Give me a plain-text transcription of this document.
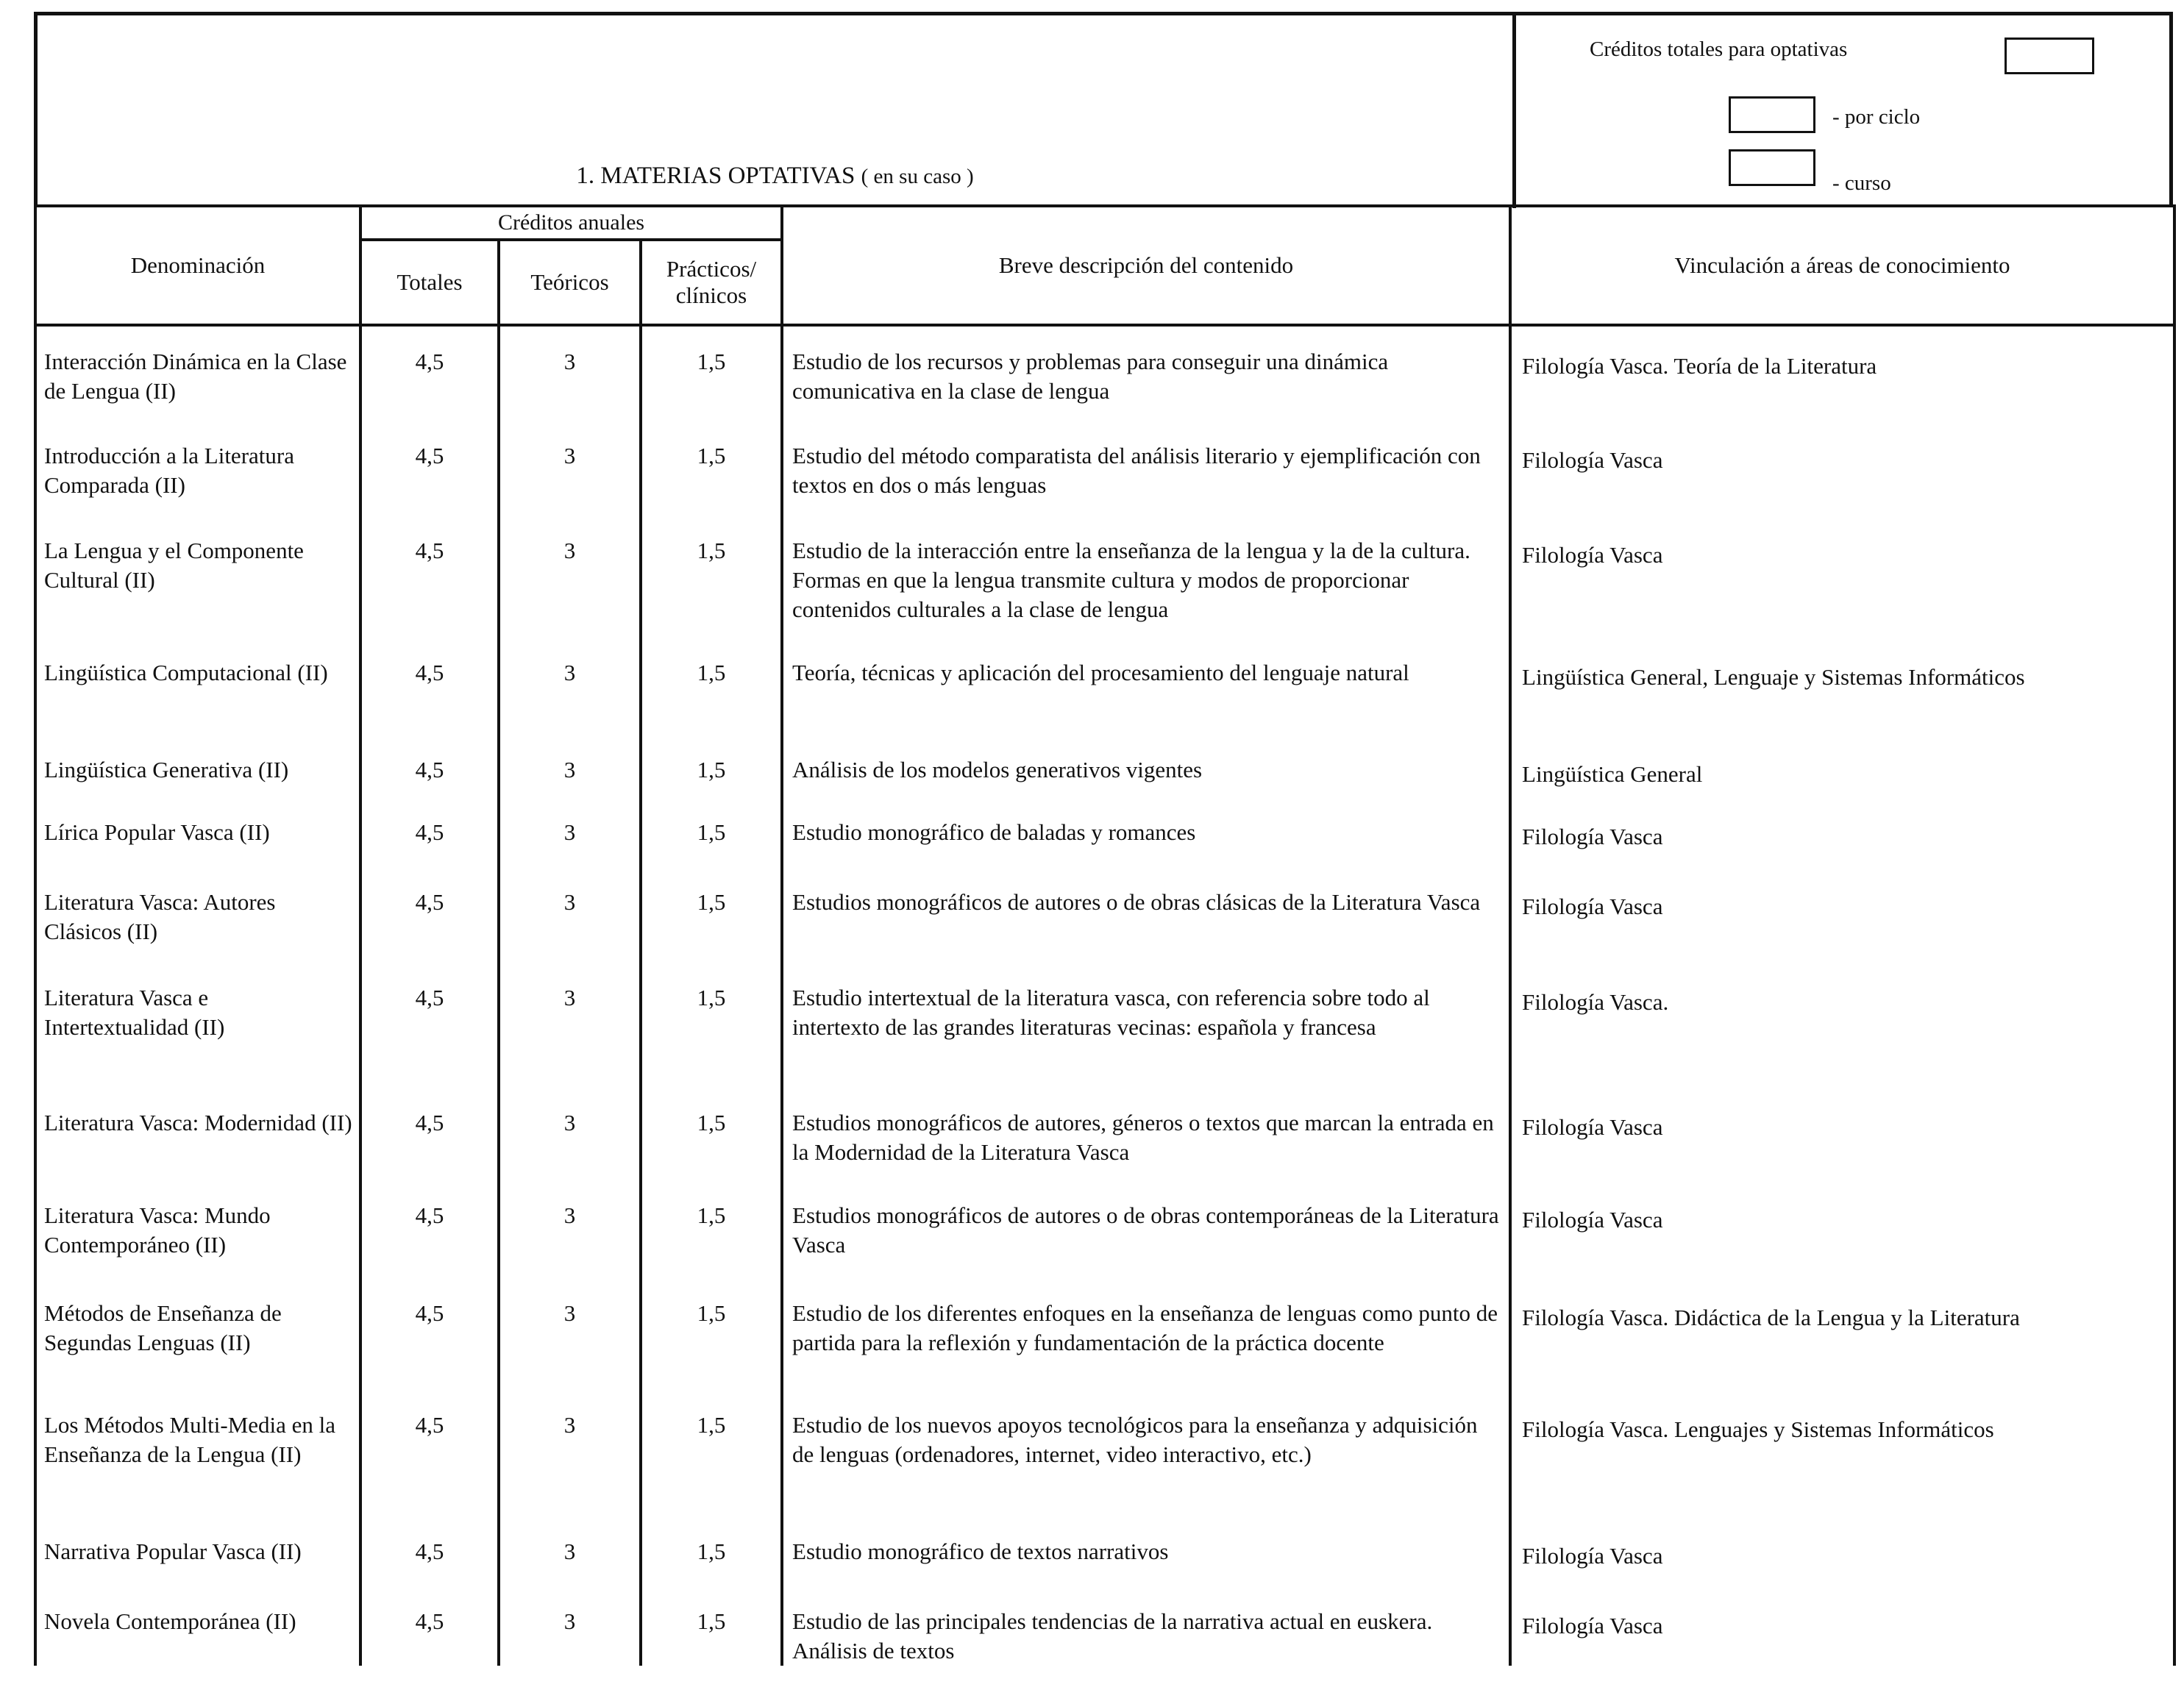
1. MATERIAS OPTATIVAS ( en su caso )
Créditos totales para optativas
- por ciclo
- curso
Denominación	Créditos anuales			Breve descripción del contenido	Vinculación a áreas de conocimiento
	Totales	Teóricos	Prácticos/ clínicos		
Interacción Dinámica en la Clase de Lengua (II)	4,5	3	1,5	Estudio de los recursos y problemas para conseguir una dinámica comunicativa en la clase de lengua	Filología Vasca. Teoría de la Literatura
Introducción a la Literatura Comparada (II)	4,5	3	1,5	Estudio del método comparatista del análisis literario y ejemplificación con textos en dos o más lenguas	Filología Vasca
La Lengua y el Componente Cultural (II)	4,5	3	1,5	Estudio de la interacción entre la enseñanza de la lengua y la de la cultura. Formas en que la lengua transmite cultura y modos de proporcionar contenidos culturales a la clase de lengua	Filología Vasca
Lingüística Computacional (II)	4,5	3	1,5	Teoría, técnicas y aplicación del procesamiento del lenguaje natural	Lingüística General, Lenguaje y Sistemas Informáticos
Lingüística Generativa (II)	4,5	3	1,5	Análisis de los modelos generativos vigentes	Lingüística General
Lírica Popular Vasca (II)	4,5	3	1,5	Estudio monográfico de baladas y romances	Filología Vasca
Literatura Vasca: Autores Clásicos (II)	4,5	3	1,5	Estudios monográficos de autores o de obras clásicas de la Literatura Vasca	Filología Vasca
Literatura Vasca e Intertextualidad (II)	4,5	3	1,5	Estudio intertextual de la literatura vasca, con referencia sobre todo al intertexto de las grandes literaturas vecinas: española y francesa	Filología Vasca.
Literatura Vasca: Modernidad (II)	4,5	3	1,5	Estudios monográficos de autores, géneros o textos que marcan la entrada en la Modernidad de la Literatura Vasca	Filología Vasca
Literatura Vasca: Mundo Contemporáneo (II)	4,5	3	1,5	Estudios monográficos de autores o de obras contemporáneas de la Literatura Vasca	Filología Vasca
Métodos de Enseñanza de Segundas Lenguas (II)	4,5	3	1,5	Estudio de los diferentes enfoques en la enseñanza de lenguas como punto de partida para la reflexión y fundamentación de la práctica docente	Filología Vasca. Didáctica de la Lengua y la Literatura
Los Métodos Multi-Media en la Enseñanza de la Lengua (II)	4,5	3	1,5	Estudio de los nuevos apoyos tecnológicos para la enseñanza y adquisición de lenguas (ordenadores, internet, video interactivo, etc.)	Filología Vasca. Lenguajes y Sistemas Informáticos
Narrativa Popular Vasca (II)	4,5	3	1,5	Estudio monográfico de textos narrativos	Filología Vasca
Novela Contemporánea (II)	4,5	3	1,5	Estudio de las principales tendencias de la narrativa actual en euskera. Análisis de textos	Filología Vasca
